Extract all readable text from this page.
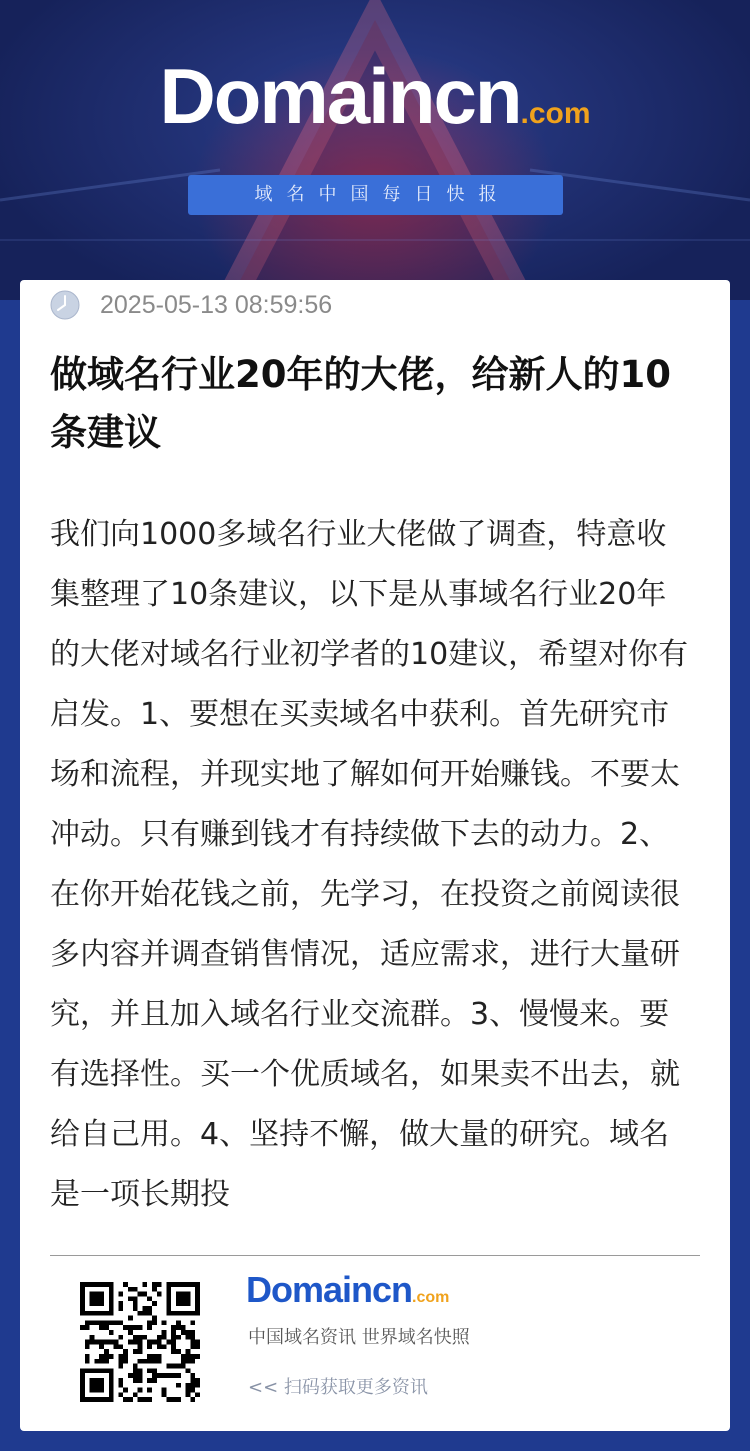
Domaincn.com
域名中国每日快报
2025-05-13 08:59:56
做域名行业20年的大佬，给新人的10条建议

我们向1000多域名行业大佬做了调查，特意收集整理了10条建议，以下是从事域名行业20年的大佬对域名行业初学者的10建议，希望对你有启发。1、要想在买卖域名中获利。首先研究市场和流程，并现实地了解如何开始赚钱。不要太冲动。只有赚到钱才有持续做下去的动力。2、在你开始花钱之前，先学习，在投资之前阅读很多内容并调查销售情况，适应需求，进行大量研究，并且加入域名行业交流群。3、慢慢来。要有选择性。买一个优质域名，如果卖不出去，就给自己用。4、坚持不懈，做大量的研究。域名是一项长期投

Domaincn.com
中国域名资讯 世界域名快照
<< 扫码获取更多资讯
